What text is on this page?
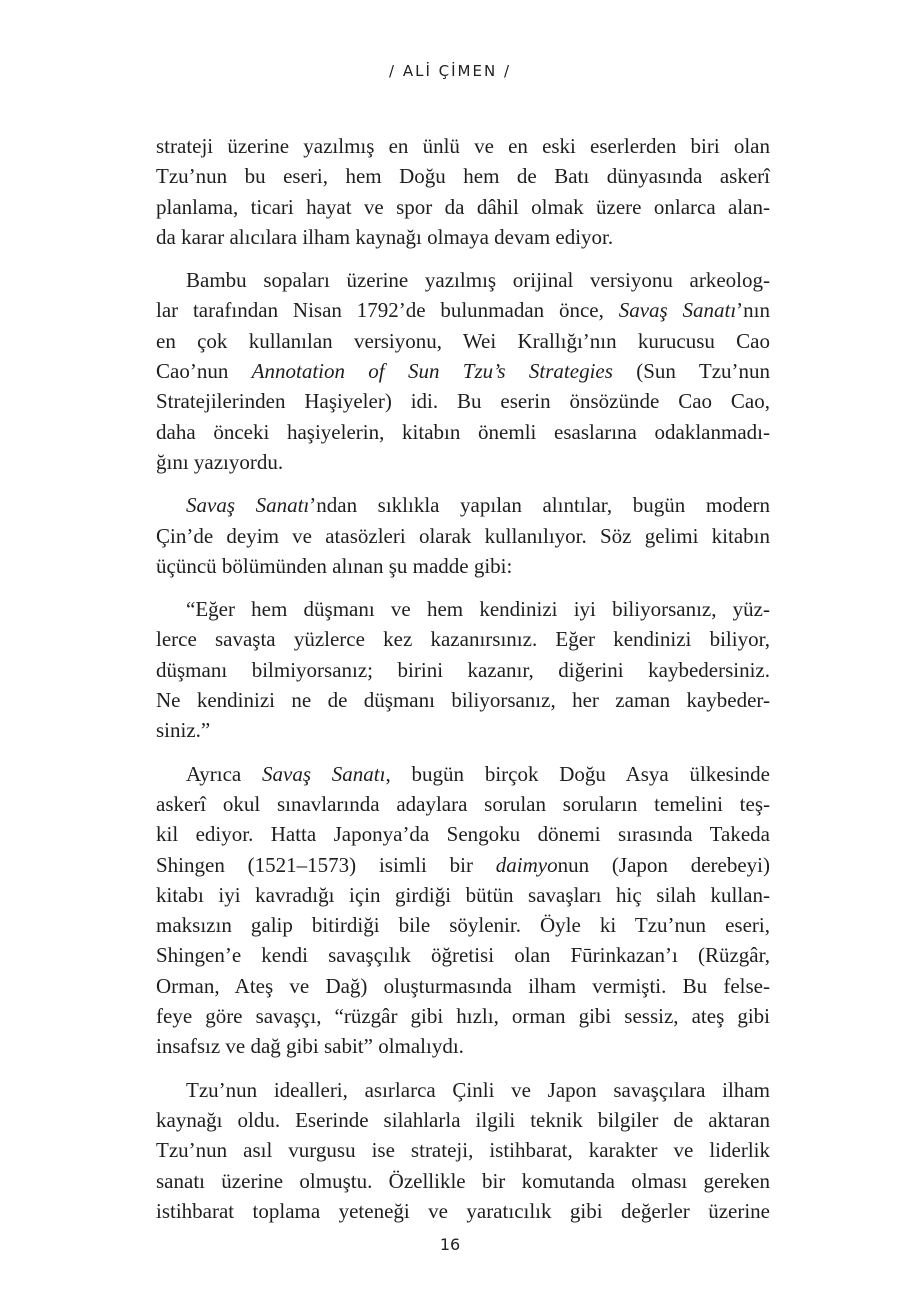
/ ALİ ÇİMEN /
strateji üzerine yazılmış en ünlü ve en eski eserlerden biri olan
Tzu’nun bu eseri, hem Doğu hem de Batı dünyasında askerî
planlama, ticari hayat ve spor da dâhil olmak üzere onlarca alan-
da karar alıcılara ilham kaynağı olmaya devam ediyor.
Bambu sopaları üzerine yazılmış orijinal versiyonu arkeolog-
lar tarafından Nisan 1792’de bulunmadan önce, Savaş Sanatı’nın
en çok kullanılan versiyonu, Wei Krallığı’nın kurucusu Cao
Cao’nun Annotation of Sun Tzu’s Strategies (Sun Tzu’nun
Stratejilerinden Haşiyeler) idi. Bu eserin önsözünde Cao Cao,
daha önceki haşiyelerin, kitabın önemli esaslarına odaklanmadı-
ğını yazıyordu.
Savaş Sanatı’ndan sıklıkla yapılan alıntılar, bugün modern
Çin’de deyim ve atasözleri olarak kullanılıyor. Söz gelimi kitabın
üçüncü bölümünden alınan şu madde gibi:
“Eğer hem düşmanı ve hem kendinizi iyi biliyorsanız, yüz-
lerce savaşta yüzlerce kez kazanırsınız. Eğer kendinizi biliyor,
düşmanı bilmiyorsanız; birini kazanır, diğerini kaybedersiniz.
Ne kendinizi ne de düşmanı biliyorsanız, her zaman kaybeder-
siniz.”
Ayrıca Savaş Sanatı, bugün birçok Doğu Asya ülkesinde
askerî okul sınavlarında adaylara sorulan soruların temelini teş-
kil ediyor. Hatta Japonya’da Sengoku dönemi sırasında Takeda
Shingen (1521–1573) isimli bir daimyonun (Japon derebeyi)
kitabı iyi kavradığı için girdiği bütün savaşları hiç silah kullan-
maksızın galip bitirdiği bile söylenir. Öyle ki Tzu’nun eseri,
Shingen’e kendi savaşçılık öğretisi olan Fūrinkazan’ı (Rüzgâr,
Orman, Ateş ve Dağ) oluşturmasında ilham vermişti. Bu felse-
feye göre savaşçı, “rüzgâr gibi hızlı, orman gibi sessiz, ateş gibi
insafsız ve dağ gibi sabit” olmalıydı.
Tzu’nun idealleri, asırlarca Çinli ve Japon savaşçılara ilham
kaynağı oldu. Eserinde silahlarla ilgili teknik bilgiler de aktaran
Tzu’nun asıl vurgusu ise strateji, istihbarat, karakter ve liderlik
sanatı üzerine olmuştu. Özellikle bir komutanda olması gereken
istihbarat toplama yeteneği ve yaratıcılık gibi değerler üzerine
16
